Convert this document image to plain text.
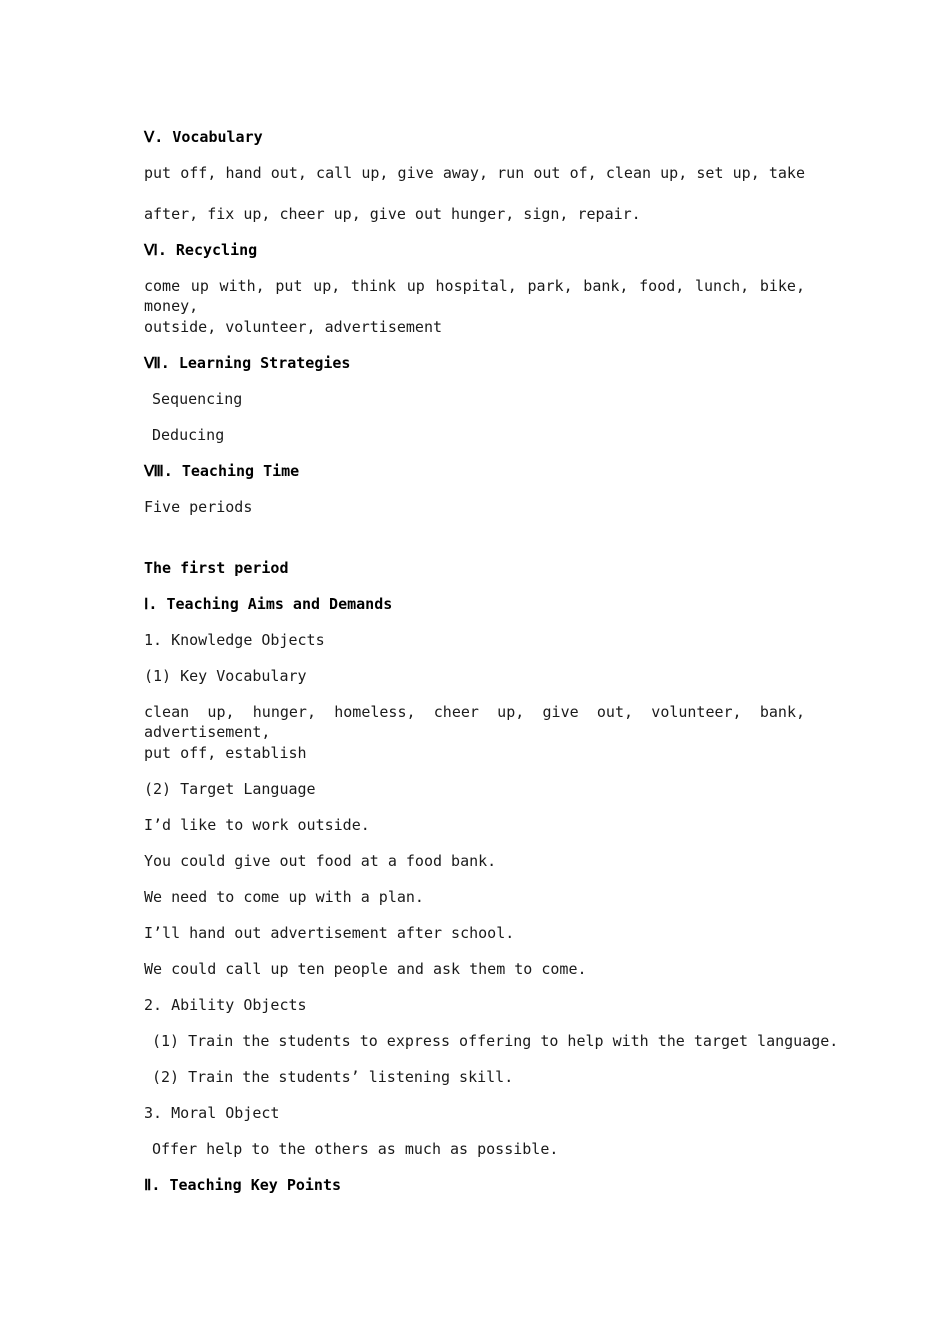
Ⅴ. Vocabulary
put off, hand out, call up, give away, run out of, clean up, set up, take
after, fix up, cheer up, give out hunger, sign, repair.
Ⅵ. Recycling
come up with, put up, think up hospital, park, bank, food, lunch, bike, money,
outside, volunteer, advertisement
Ⅶ. Learning Strategies
Sequencing
Deducing
Ⅷ. Teaching Time
Five periods
The first period
Ⅰ. Teaching Aims and Demands
1. Knowledge Objects
(1) Key Vocabulary
clean up, hunger, homeless, cheer up, give out, volunteer, bank, advertisement,
put off, establish
(2) Target Language
I’d like to work outside.
You could give out food at a food bank.
We need to come up with a plan.
I’ll hand out advertisement after school.
We could call up ten people and ask them to come.
2. Ability Objects
(1) Train the students to express offering to help with the target language.
(2) Train the students’ listening skill.
3. Moral Object
Offer help to the others as much as possible.
Ⅱ. Teaching Key Points
